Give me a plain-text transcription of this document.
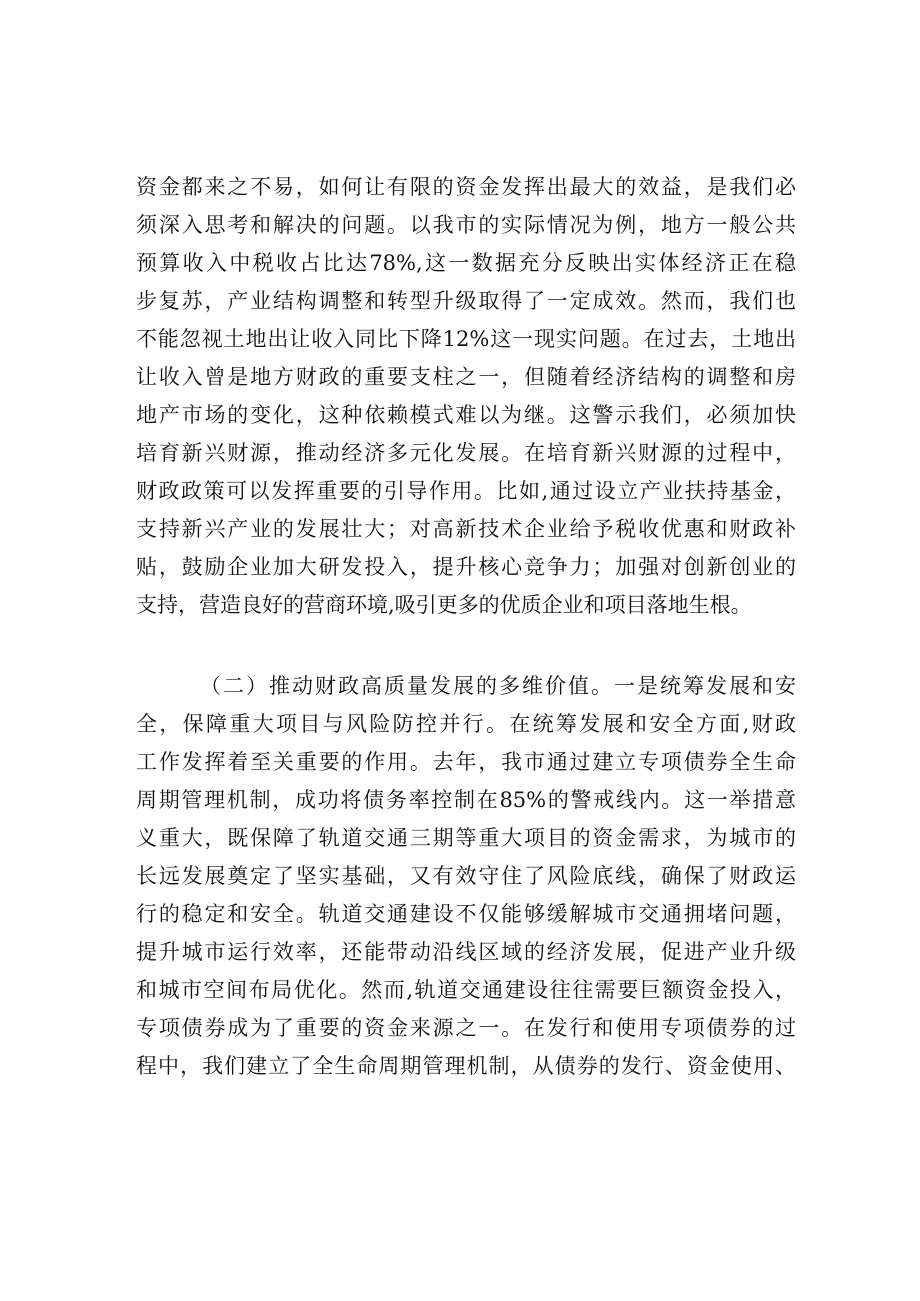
资金都来之不易，如何让有限的资金发挥出最大的效益，是我们必
须深入思考和解决的问题。以我市的实际情况为例，地方一般公共
预算收入中税收占比达78%,这一数据充分反映出实体经济正在稳
步复苏，产业结构调整和转型升级取得了一定成效。然而，我们也
不能忽视土地出让收入同比下降12%这一现实问题。在过去，土地出
让收入曾是地方财政的重要支柱之一，但随着经济结构的调整和房
地产市场的变化，这种依赖模式难以为继。这警示我们，必须加快
培育新兴财源，推动经济多元化发展。在培育新兴财源的过程中，
财政政策可以发挥重要的引导作用。比如,通过设立产业扶持基金，
支持新兴产业的发展壮大；对高新技术企业给予税收优惠和财政补
贴，鼓励企业加大研发投入，提升核心竞争力；加强对创新创业的
支持，营造良好的营商环境,吸引更多的优质企业和项目落地生根。
（二）推动财政高质量发展的多维价值。一是统筹发展和安
全，保障重大项目与风险防控并行。在统筹发展和安全方面,财政
工作发挥着至关重要的作用。去年，我市通过建立专项债券全生命
周期管理机制，成功将债务率控制在85%的警戒线内。这一举措意
义重大，既保障了轨道交通三期等重大项目的资金需求，为城市的
长远发展奠定了坚实基础，又有效守住了风险底线，确保了财政运
行的稳定和安全。轨道交通建设不仅能够缓解城市交通拥堵问题，
提升城市运行效率，还能带动沿线区域的经济发展，促进产业升级
和城市空间布局优化。然而,轨道交通建设往往需要巨额资金投入，
专项债券成为了重要的资金来源之一。在发行和使用专项债券的过
程中，我们建立了全生命周期管理机制，从债券的发行、资金使用、
